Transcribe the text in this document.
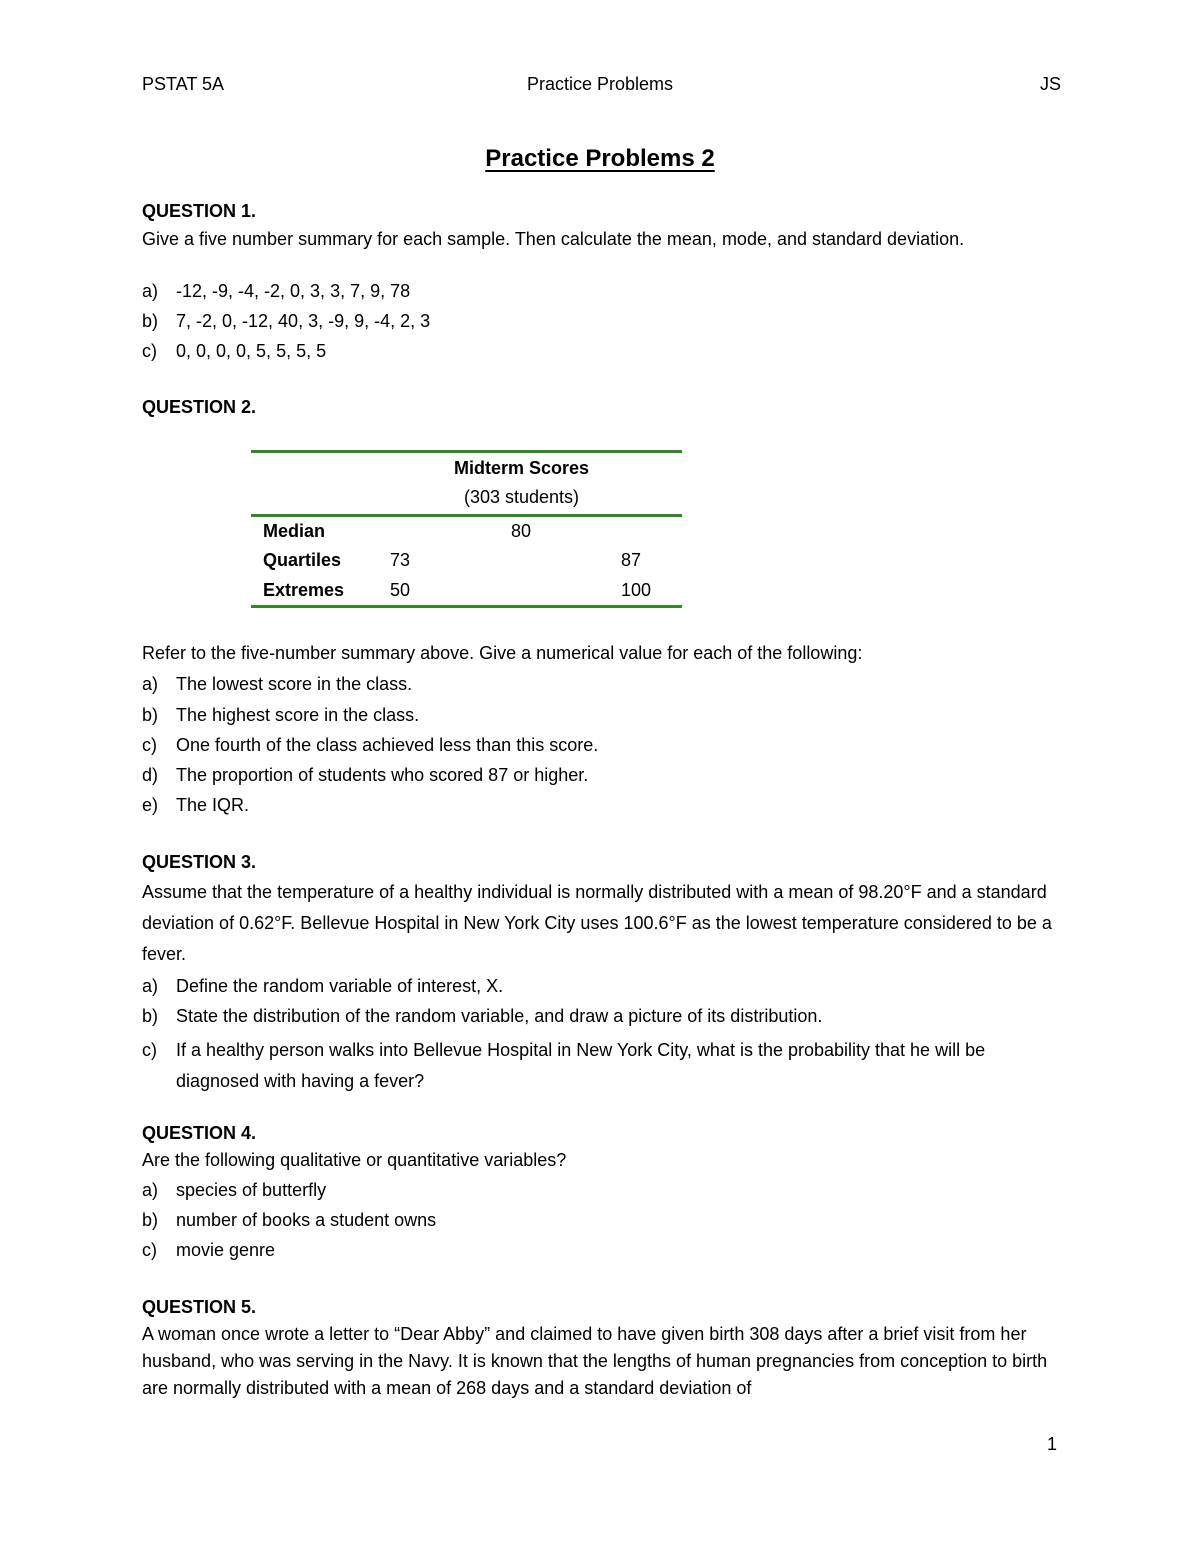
PSTAT 5A	Practice Problems	JS
Practice Problems 2
QUESTION 1.
Give a five number summary for each sample. Then calculate the mean, mode, and standard deviation.
a) -12, -9, -4, -2, 0, 3, 3, 7, 9, 78
b) 7, -2, 0, -12, 40, 3, -9, 9, -4, 2, 3
c)	0, 0, 0, 0, 5, 5, 5, 5
QUESTION 2.
Midterm Scores
(303 students)
Median	80
Quartiles	73	87
Extremes	50	100
Refer to the five-number summary above. Give a numerical value for each of the following:
a) The lowest score in the class.
b) The highest score in the class.
c)	One fourth of the class achieved less than this score.
d) The proportion of students who scored 87 or higher.
e) The IQR.
QUESTION 3.
Assume that the temperature of a healthy individual is normally distributed with a mean of 98.20°F and a standard deviation of 0.62°F. Bellevue Hospital in New York City uses 100.6°F as the lowest temperature considered to be a fever.
a) Define the random variable of interest, X.
b) State the distribution of the random variable, and draw a picture of its distribution.
c)	If a healthy person walks into Bellevue Hospital in New York City, what is the probability that he will be diagnosed with having a fever?
QUESTION 4.
Are the following qualitative or quantitative variables?
a) species of butterfly
b) number of books a student owns
c)	movie genre
QUESTION 5.
A woman once wrote a letter to “Dear Abby” and claimed to have given birth 308 days after a brief visit from her husband, who was serving in the Navy. It is known that the lengths of human pregnancies from conception to birth are normally distributed with a mean of 268 days and a standard deviation of
1
